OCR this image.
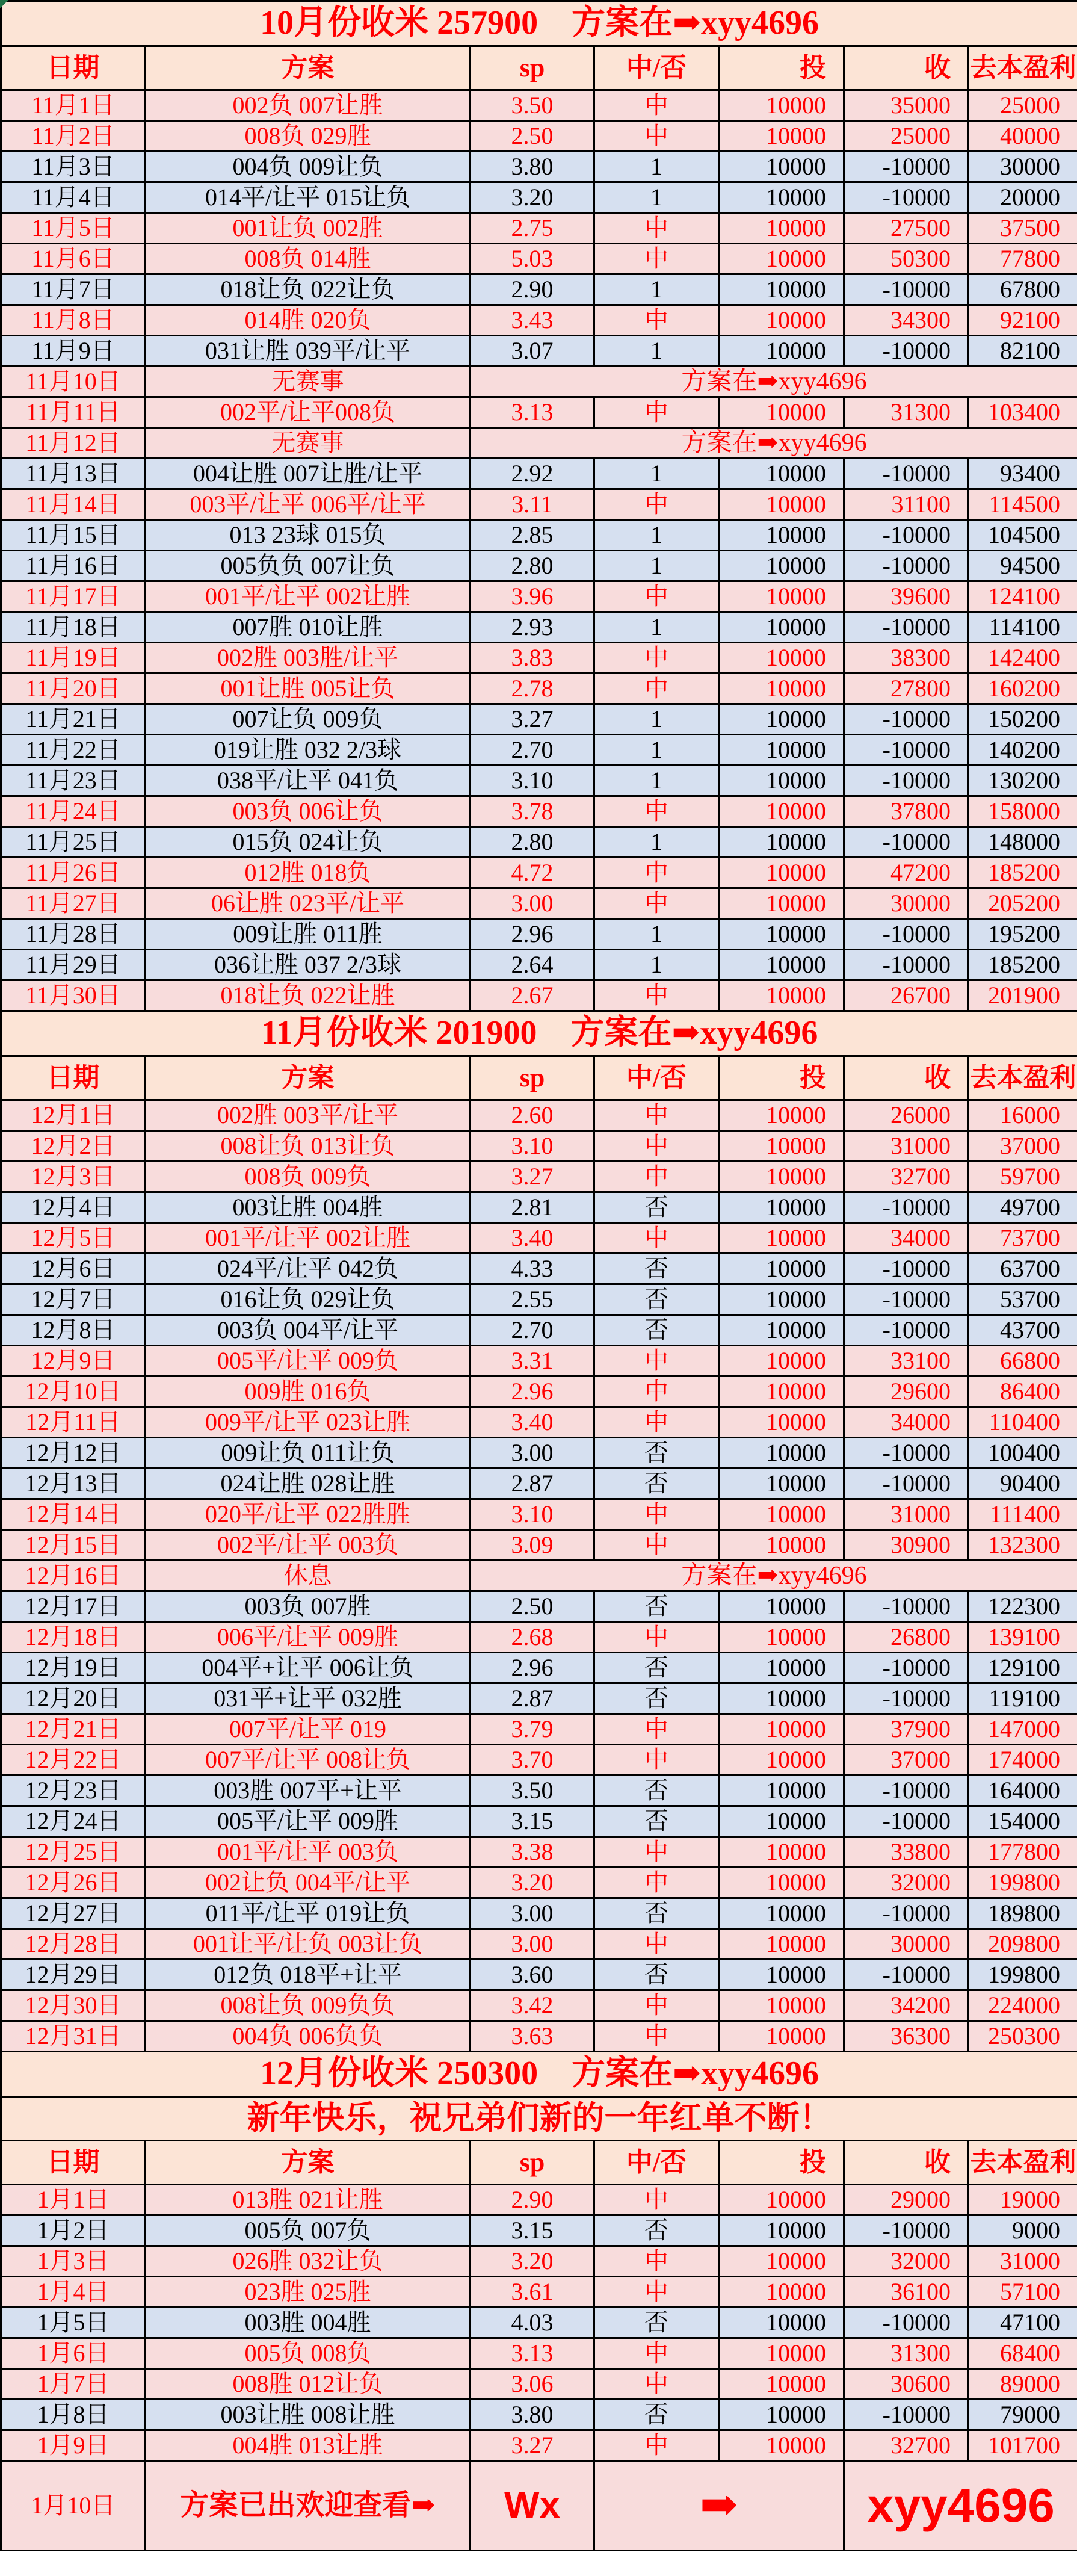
10月份收米 257900　方案在➡xyy4696						
日期	方案	sp	中/否	投	收	去本盈利
11月1日	002负 007让胜	3.50	中	10000	35000	25000
11月2日	008负 029胜	2.50	中	10000	25000	40000
11月3日	004负 009让负	3.80	1	10000	-10000	30000
11月4日	014平/让平 015让负	3.20	1	10000	-10000	20000
11月5日	001让负 002胜	2.75	中	10000	27500	37500
11月6日	008负 014胜	5.03	中	10000	50300	77800
11月7日	018让负 022让负	2.90	1	10000	-10000	67800
11月8日	014胜 020负	3.43	中	10000	34300	92100
11月9日	031让胜 039平/让平	3.07	1	10000	-10000	82100
11月10日	无赛事	方案在➡xyy4696				
11月11日	002平/让平008负	3.13	中	10000	31300	103400
11月12日	无赛事	方案在➡xyy4696				
11月13日	004让胜 007让胜/让平	2.92	1	10000	-10000	93400
11月14日	003平/让平 006平/让平	3.11	中	10000	31100	114500
11月15日	013 23球 015负	2.85	1	10000	-10000	104500
11月16日	005负负 007让负	2.80	1	10000	-10000	94500
11月17日	001平/让平 002让胜	3.96	中	10000	39600	124100
11月18日	007胜 010让胜	2.93	1	10000	-10000	114100
11月19日	002胜 003胜/让平	3.83	中	10000	38300	142400
11月20日	001让胜 005让负	2.78	中	10000	27800	160200
11月21日	007让负 009负	3.27	1	10000	-10000	150200
11月22日	019让胜 032 2/3球	2.70	1	10000	-10000	140200
11月23日	038平/让平 041负	3.10	1	10000	-10000	130200
11月24日	003负 006让负	3.78	中	10000	37800	158000
11月25日	015负 024让负	2.80	1	10000	-10000	148000
11月26日	012胜 018负	4.72	中	10000	47200	185200
11月27日	06让胜 023平/让平	3.00	中	10000	30000	205200
11月28日	009让胜 011胜	2.96	1	10000	-10000	195200
11月29日	036让胜 037 2/3球	2.64	1	10000	-10000	185200
11月30日	018让负 022让胜	2.67	中	10000	26700	201900
11月份收米 201900　方案在➡xyy4696						
日期	方案	sp	中/否	投	收	去本盈利
12月1日	002胜 003平/让平	2.60	中	10000	26000	16000
12月2日	008让负 013让负	3.10	中	10000	31000	37000
12月3日	008负 009负	3.27	中	10000	32700	59700
12月4日	003让胜 004胜	2.81	否	10000	-10000	49700
12月5日	001平/让平 002让胜	3.40	中	10000	34000	73700
12月6日	024平/让平 042负	4.33	否	10000	-10000	63700
12月7日	016让负 029让负	2.55	否	10000	-10000	53700
12月8日	003负 004平/让平	2.70	否	10000	-10000	43700
12月9日	005平/让平 009负	3.31	中	10000	33100	66800
12月10日	009胜 016负	2.96	中	10000	29600	86400
12月11日	009平/让平 023让胜	3.40	中	10000	34000	110400
12月12日	009让负 011让负	3.00	否	10000	-10000	100400
12月13日	024让胜 028让胜	2.87	否	10000	-10000	90400
12月14日	020平/让平 022胜胜	3.10	中	10000	31000	111400
12月15日	002平/让平 003负	3.09	中	10000	30900	132300
12月16日	休息	方案在➡xyy4696				
12月17日	003负 007胜	2.50	否	10000	-10000	122300
12月18日	006平/让平 009胜	2.68	中	10000	26800	139100
12月19日	004平+让平 006让负	2.96	否	10000	-10000	129100
12月20日	031平+让平 032胜	2.87	否	10000	-10000	119100
12月21日	007平/让平 019	3.79	中	10000	37900	147000
12月22日	007平/让平 008让负	3.70	中	10000	37000	174000
12月23日	003胜 007平+让平	3.50	否	10000	-10000	164000
12月24日	005平/让平 009胜	3.15	否	10000	-10000	154000
12月25日	001平/让平 003负	3.38	中	10000	33800	177800
12月26日	002让负 004平/让平	3.20	中	10000	32000	199800
12月27日	011平/让平 019让负	3.00	否	10000	-10000	189800
12月28日	001让平/让负 003让负	3.00	中	10000	30000	209800
12月29日	012负 018平+让平	3.60	否	10000	-10000	199800
12月30日	008让负 009负负	3.42	中	10000	34200	224000
12月31日	004负 006负负	3.63	中	10000	36300	250300
12月份收米 250300　方案在➡xyy4696						
新年快乐，祝兄弟们新的一年红单不断！						
日期	方案	sp	中/否	投	收	去本盈利
1月1日	013胜 021让胜	2.90	中	10000	29000	19000
1月2日	005负 007负	3.15	否	10000	-10000	9000
1月3日	026胜 032让负	3.20	中	10000	32000	31000
1月4日	023胜 025胜	3.61	中	10000	36100	57100
1月5日	003胜 004胜	4.03	否	10000	-10000	47100
1月6日	005负 008负	3.13	中	10000	31300	68400
1月7日	008胜 012让负	3.06	中	10000	30600	89000
1月8日	003让胜 008让胜	3.80	否	10000	-10000	79000
1月9日	004胜 013让胜	3.27	中	10000	32700	101700
1月10日	方案已出欢迎查看➡	Wx	➡		xyy4696	
